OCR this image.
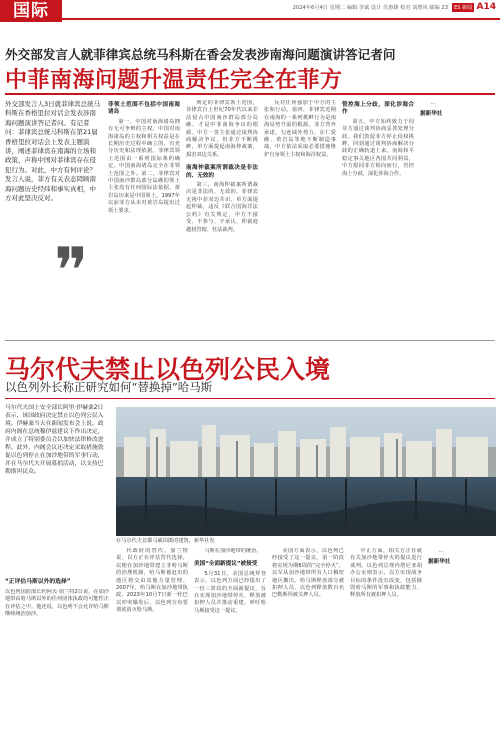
国际	2024年6月4日 星期二 编辑 李斌 设计 肖惠雄 校对 刘增风 邮编 23	ES 新闻 A14
外交部发言人就菲律宾总统马科斯在香会发表涉南海问题演讲答记者问
中菲南海问题升温责任完全在菲方
外交部发言人3日就菲律宾总统马科斯在香格里拉对话会发表涉南海问题演讲答记者问。有记者问：菲律宾总统马科斯在第21届香格里拉对话会上发表主题演讲，阐述菲律宾在南海的立场和政策，声称中国对菲律宾存在侵犯行为。对此，中方有何评论？发言人说，菲方有关表态罔顾南海问题历史经纬和事实真相，中方对此坚决反对。
❞
菲领土范围不包括中国南海诸岛

第一，中国对南海诸岛拥有无可争辩的主权。中国对南海诸岛的主权和相关权益是在长期历史过程中确立的，有充分历史和法理依据。菲律宾领土范围由一系列国际条约确定，中国南海诸岛完全在菲领土范围之外。第二，菲律宾对中国南沙群岛部分岛礁的领土主张没有任何国际法依据，黄岩岛历来是中国领土。1997年以前菲方从未对黄岩岛提出过领土要求。

规定的菲律宾领土范围，菲律宾自上世纪70年代以来非法侵占中国南沙群岛部分岛礁，才是中菲南海争议的根源。中方一贯主张通过谈判协商解决争议，但菲方不断挑衅，单方面提起南海仲裁案，损害双边关系。

南海仲裁案所谓裁决是非法的、无效的

第三，南海仲裁案所谓裁决是非法的、无效的。菲律宾无视中菲双边共识，单方面提起仲裁，违反《联合国海洋法公约》有关规定，中方不接受、不参与、不承认，仲裁庭越权管辖、枉法裁判。

反对任何强加于中方的主张和行动。第四，菲律宾近期在南海的一系列挑衅行为是南海局势升温的根源。菲方背弃承诺，勾连域外势力，在仁爱礁、黄岩岛等地不断制造事端，中方依法采取必要措施维护自身领土主权和海洋权益。

管控海上分歧，深化涉海合作

第五，中方始终致力于同菲方通过谈判协商妥善处理分歧。我们敦促菲方停止侵权挑衅，回到通过谈判协商解决分歧的正确轨道上来。南海和平稳定事关地区各国共同利益，中方愿同菲方相向而行，管控海上分歧，深化涉海合作。

…

据新华社
马尔代夫禁止以色列公民入境
以色列外长称正研究如何“替换掉”哈马斯
马尔代夫国土安全部长阿里·伊赫桑2日表示，该国政府决定禁止以色列公民入境。伊赫桑当天在新闻发布会上说，政府内阁在总统穆伊兹建议下作出决定，并成立了特别委员会以加快法律修改进程。此外，内阁会议还决定采取措施敦促以色列停止在加沙地带的军事行动，并在马尔代夫开展募捐活动，以支持巴勒斯坦民众。
在马尔代夫首都马累拍摄的建筑，新华社发
“正评估马斯以外的选择”
以色列国防部长约阿夫·加兰特2日说，在加沙地带由哈马斯以外的任何团体执政的可能性正在评估之中。他还说，以色列不会允许哈马斯继续统治加沙。

代政府的替代。加兰特说，以方正在评估替代选择，以便在加沙地带建立非哈马斯的治理机制，哈马斯被赶出的地区将交由其他力量管理。2007年，哈马斯在加沙地带执政。2023年10月7日新一轮巴以冲突爆发后，以色列宣布要彻底消灭哈马斯。

马斯在加沙地带的统治。

美国“全面新提议”被接受

5月31日，美国总统拜登表示，以色列方面已经提出了一份三阶段的全面新提议，旨在实现加沙地带停火、释放被扣押人员并推动重建，呼吁哈马斯接受这一提议。

美国方面表示，以色列已经接受了这一提议。第一阶段将实现为期6周的“完全停火”，以军从加沙地带所有人口稠密地区撤出，哈马斯释放部分被扣押人员，以色列释放数百名巴勒斯坦被关押人员。

中止方面，相关方正在就有关加沙地带停火的提议进行谈判。以色列总理内塔尼亚胡办公室则表示，以方实现战争目标的条件没有改变，包括摧毁哈马斯的军事和执政能力、释放所有被扣押人员。

…

据新华社
